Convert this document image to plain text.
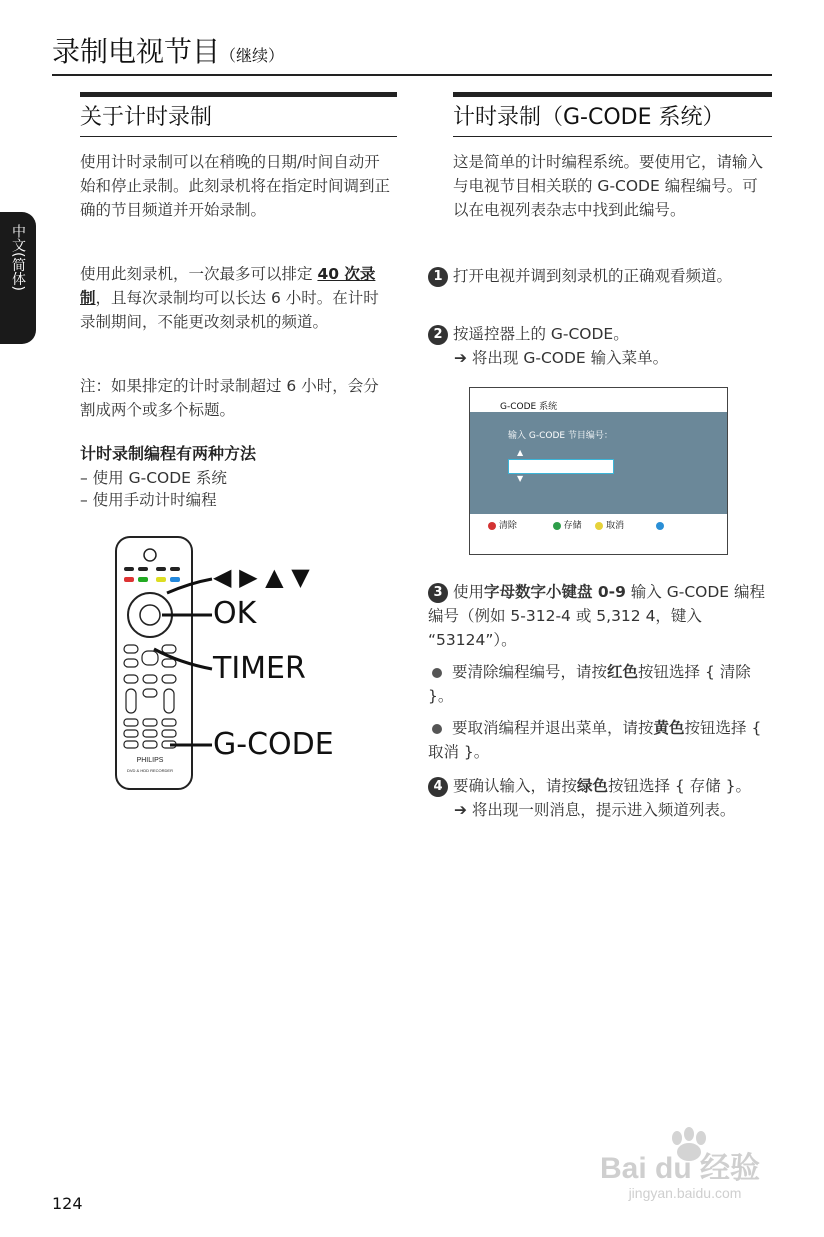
录制电视节目（继续）
中文(简体)
关于计时录制
使用计时录制可以在稍晚的日期/时间自动开始和停止录制。此刻录机将在指定时间调到正确的节目频道并开始录制。
使用此刻录机，一次最多可以排定 40 次录制，且每次录制均可以长达 6 小时。在计时录制期间，不能更改刻录机的频道。
注：如果排定的计时录制超过 6 小时，会分割成两个或多个标题。
计时录制编程有两种方法
– 使用 G-CODE 系统
– 使用手动计时编程
PHILIPS
DVD & HDD RECORDER
◀ ▶ ▲ ▼
OK
TIMER
G-CODE
计时录制（G-CODE 系统）
这是简单的计时编程系统。要使用它，请输入与电视节目相关联的 G-CODE 编程编号。可以在电视列表杂志中找到此编号。
1 打开电视并调到刻录机的正确观看频道。
2 按遥控器上的 G-CODE。
➔ 将出现 G-CODE 输入菜单。
G-CODE 系统
输入 G-CODE 节目编号：
▲
▼
清除	存储	取消
3 使用字母数字小键盘 0-9 输入 G-CODE 编程编号（例如 5-312-4 或 5,312 4，键入 “53124”）。
要清除编程编号，请按红色按钮选择 { 清除 }。
要取消编程并退出菜单，请按黄色按钮选择 { 取消 }。
4 要确认输入，请按绿色按钮选择 { 存储 }。
➔ 将出现一则消息，提示进入频道列表。
124
Bai du 经验
jingyan.baidu.com
